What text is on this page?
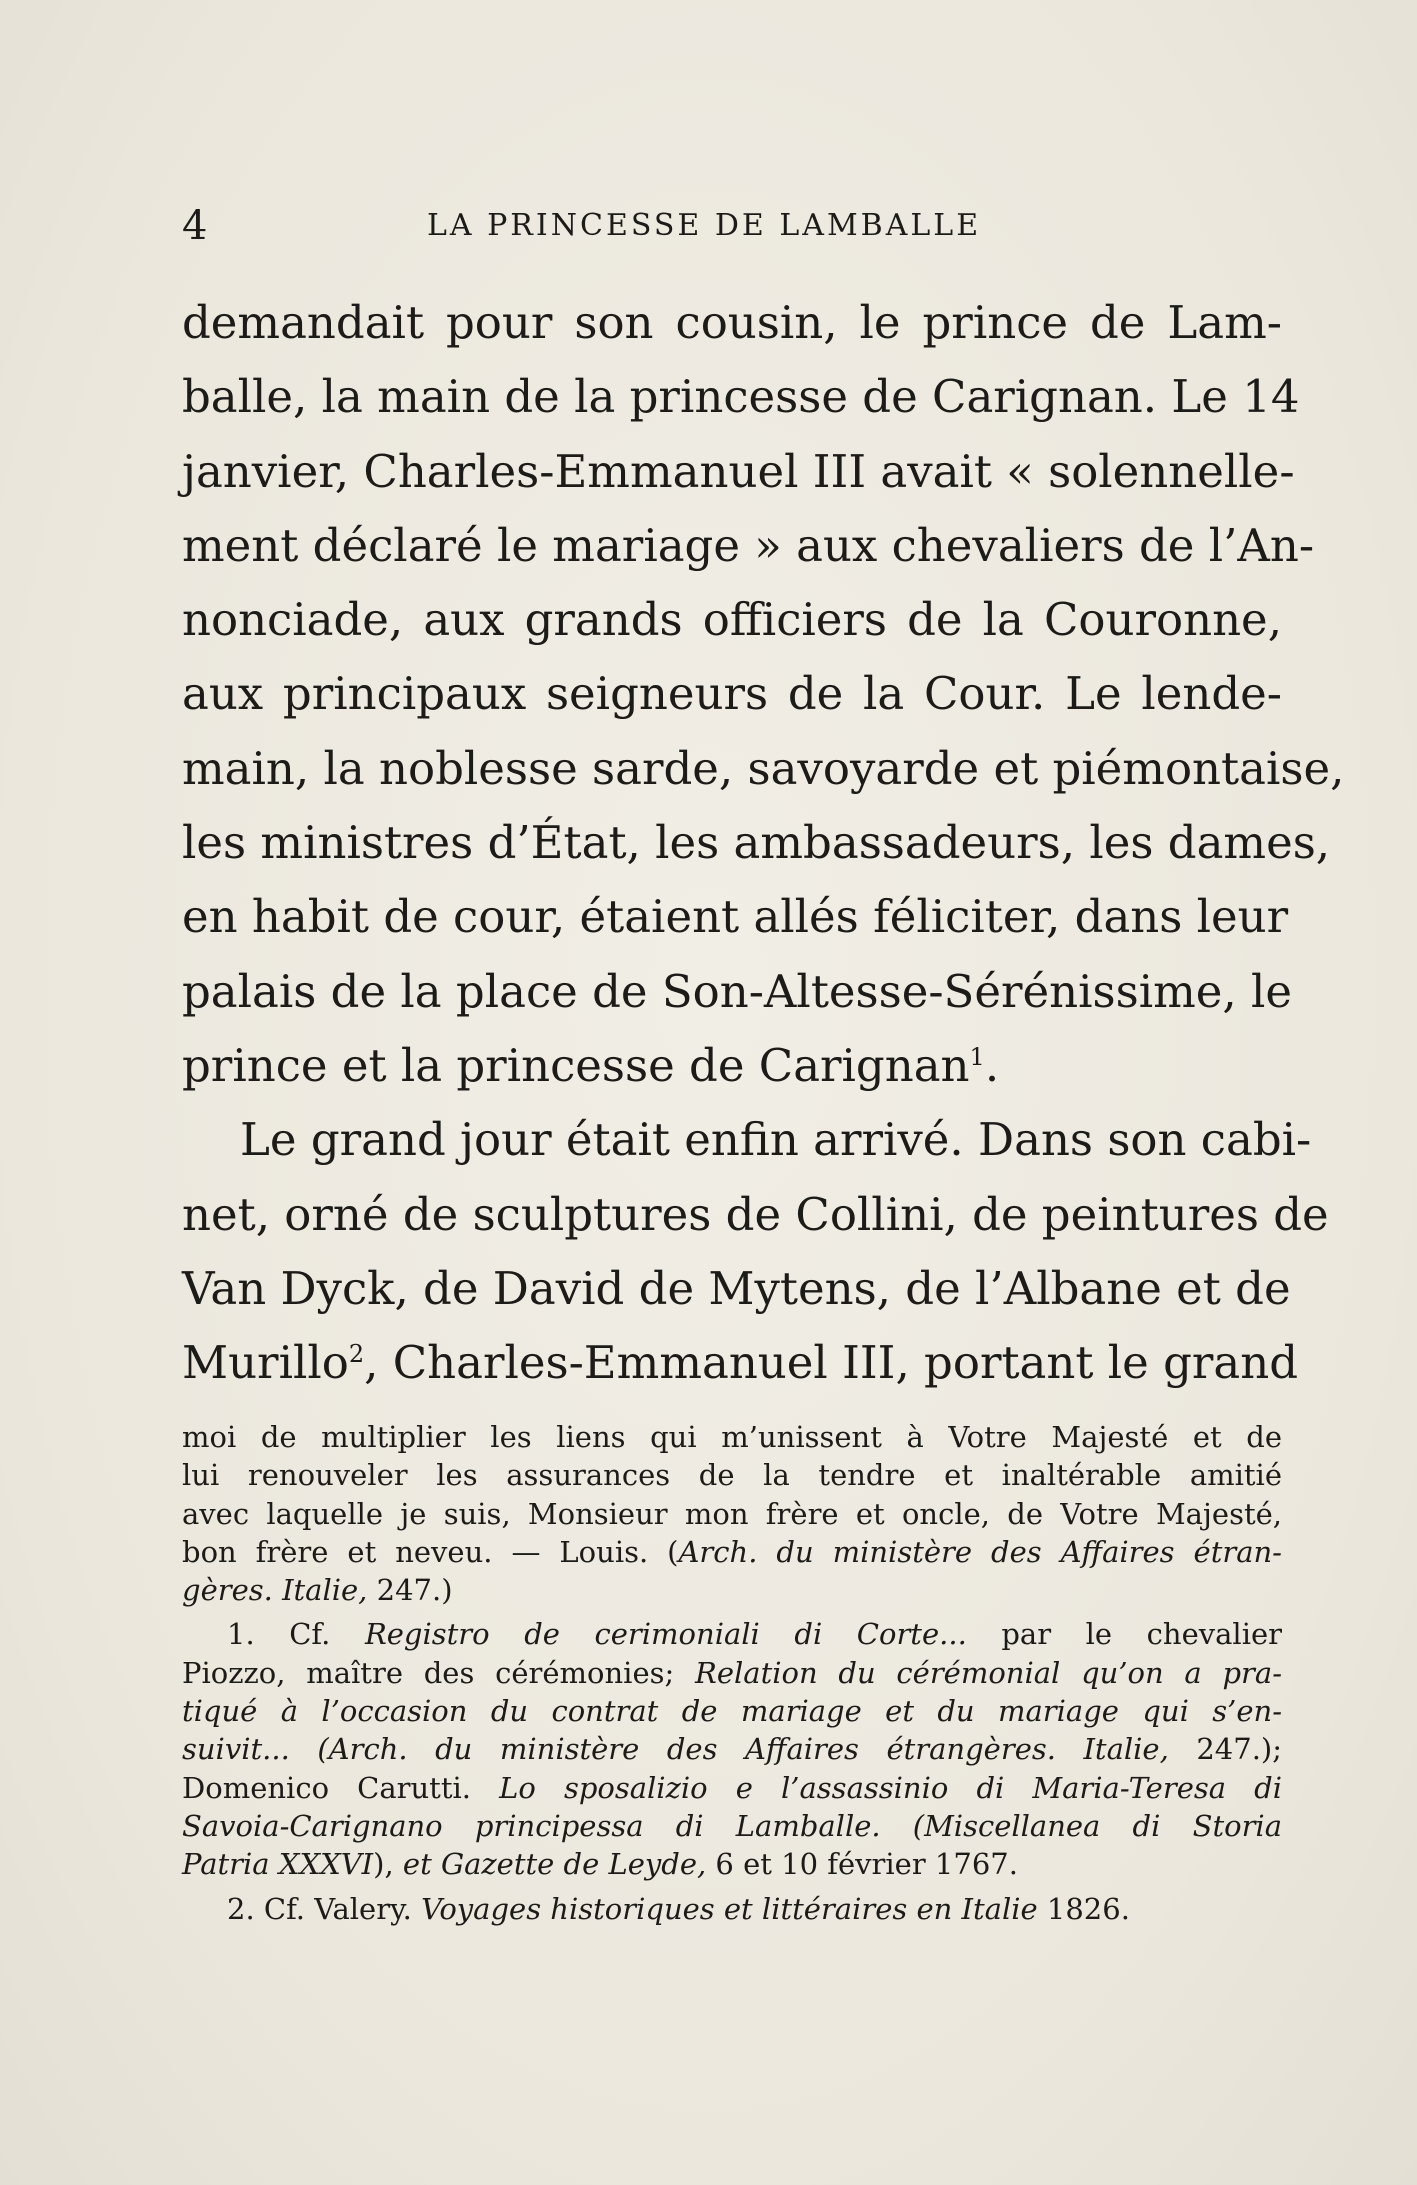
4	LA PRINCESSE DE LAMBALLE
demandait pour son cousin, le prince de Lam-
balle, la main de la princesse de Carignan. Le 14
janvier, Charles-Emmanuel III avait « solennelle-
ment déclaré le mariage » aux chevaliers de l’An-
nonciade, aux grands officiers de la Couronne,
aux principaux seigneurs de la Cour. Le lende-
main, la noblesse sarde, savoyarde et piémontaise,
les ministres d’État, les ambassadeurs, les dames,
en habit de cour, étaient allés féliciter, dans leur
palais de la place de Son-Altesse-Sérénissime, le
prince et la princesse de Carignan$^1$.
Le grand jour était enfin arrivé. Dans son cabi-
net, orné de sculptures de Collini, de peintures de
Van Dyck, de David de Mytens, de l’Albane et de
Murillo$^2$, Charles-Emmanuel III, portant le grand
moi de multiplier les liens qui m’unissent à Votre Majesté et de
lui renouveler les assurances de la tendre et inaltérable amitié
avec laquelle je suis, Monsieur mon frère et oncle, de Votre Majesté,
bon frère et neveu. — Louis. (Arch. du ministère des Affaires étran-
gères. Italie, 247.)
1. Cf. Registro de cerimoniali di Corte... par le chevalier
Piozzo, maître des cérémonies; Relation du cérémonial qu’on a pra-
tiqué à l’occasion du contrat de mariage et du mariage qui s’en-
suivit... (Arch. du ministère des Affaires étrangères. Italie, 247.);
Domenico Carutti. Lo sposalizio e l’assassinio di Maria-Teresa di
Savoia-Carignano principessa di Lamballe. (Miscellanea di Storia
Patria XXXVI), et Gazette de Leyde, 6 et 10 février 1767.
2. Cf. Valery. Voyages historiques et littéraires en Italie 1826.
